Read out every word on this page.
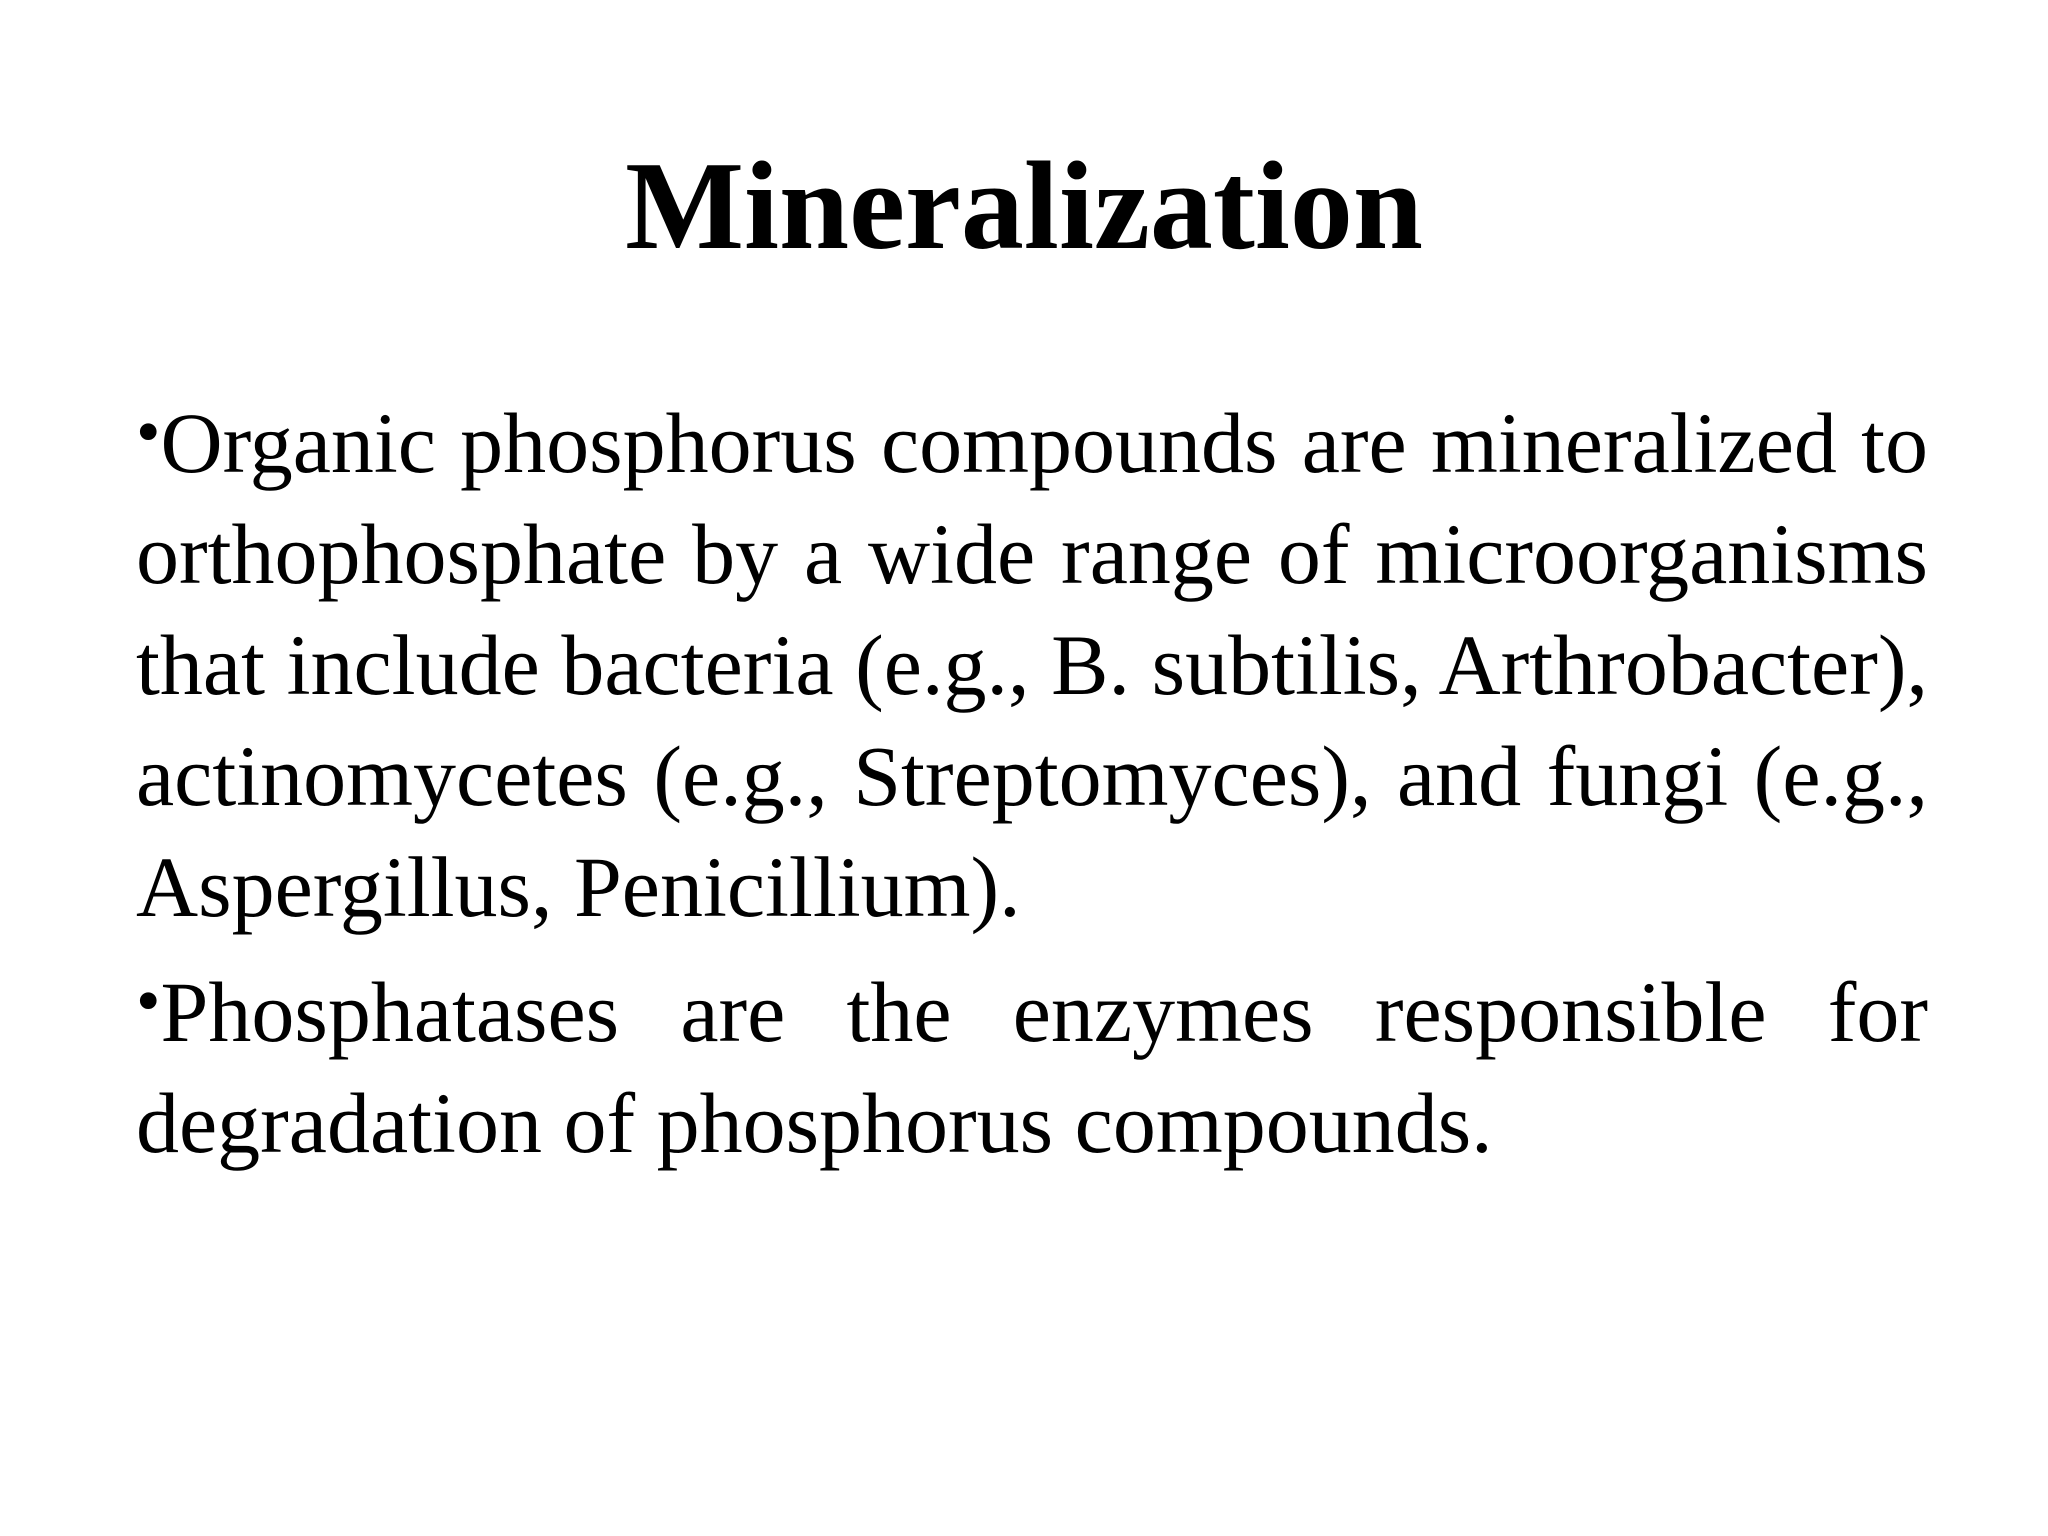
Mineralization

•Organic phosphorus compounds are mineralized to orthophosphate by a wide range of microorganisms that include bacteria (e.g., B. subtilis, Arthrobacter), actinomycetes (e.g., Streptomyces), and fungi (e.g., Aspergillus, Penicillium).

•Phosphatases are the enzymes responsible for degradation of phosphorus compounds.
